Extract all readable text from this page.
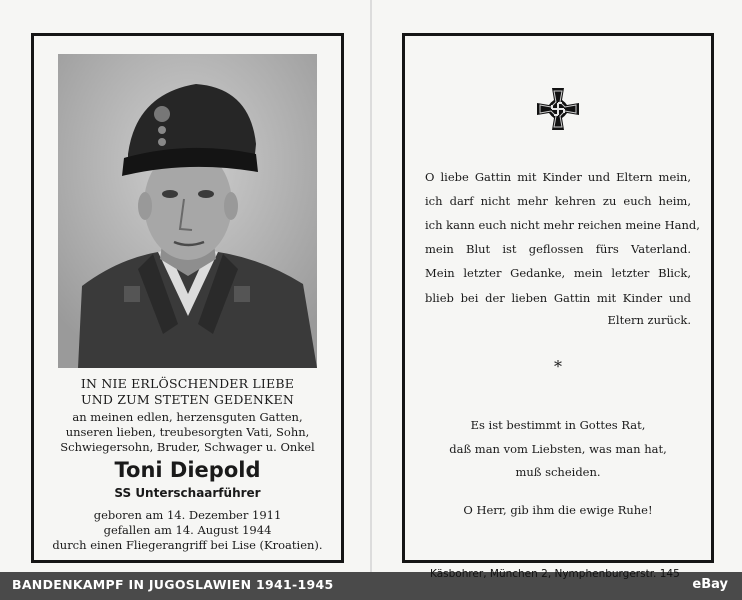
IN NIE ERLÖSCHENDER LIEBE
UND ZUM STETEN GEDENKEN
an meinen edlen, herzensguten Gatten,
unseren lieben, treubesorgten Vati, Sohn,
Schwiegersohn, Bruder, Schwager u. Onkel
Toni Diepold
SS Unterschaarführer
geboren am 14. Dezember 1911
gefallen am 14. August 1944
durch einen Fliegerangriff bei Lise (Kroatien).
O liebe Gattin mit Kinder und Eltern mein,
ich darf nicht mehr kehren zu euch heim,
ich kann euch nicht mehr reichen meine Hand,
mein Blut ist geflossen fürs Vaterland.
Mein letzter Gedanke, mein letzter Blick,
blieb bei der lieben Gattin mit Kinder und
Eltern zurück.
*
Es ist bestimmt in Gottes Rat,
daß man vom Liebsten, was man hat,
muß scheiden.
O Herr, gib ihm die ewige Ruhe!
BANDENKAMPF IN JUGOSLAWIEN 1941-1945
Käsbohrer, München 2, Nymphenburgerstr. 145
eBay
